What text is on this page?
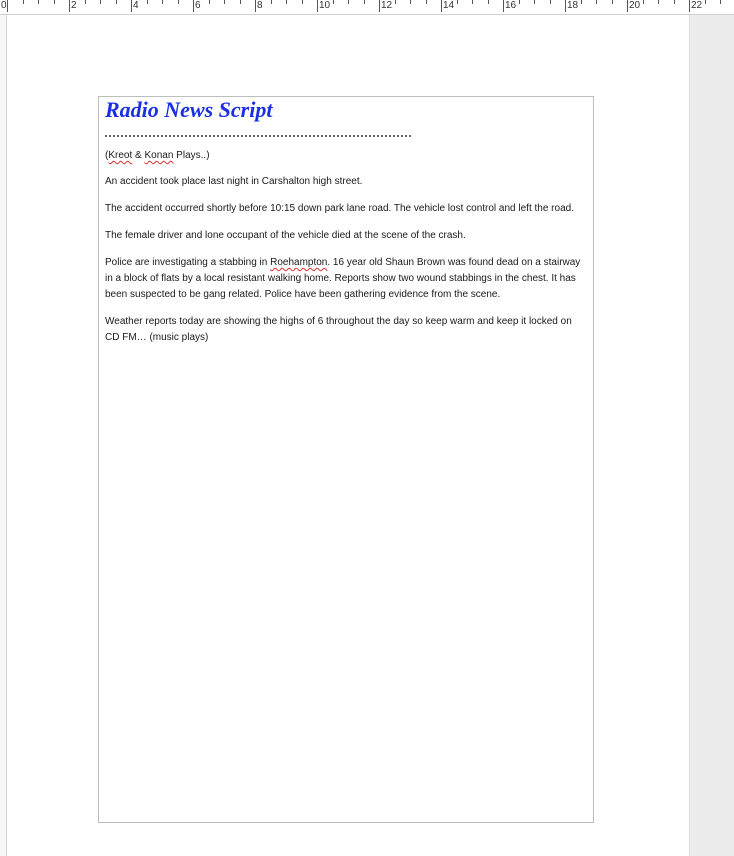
0	2	4	6	8	10	12	14	16	18	20	22
Radio News Script

(Kreot & Konan Plays..)

An accident took place last night in Carshalton high street.

The accident occurred shortly before 10:15 down park lane road. The vehicle lost control and left the road.

The female driver and lone occupant of the vehicle died at the scene of the crash.

Police are investigating a stabbing in Roehampton. 16 year old Shaun Brown was found dead on a stairway in a block of flats by a local resistant walking home. Reports show two wound stabbings in the chest. It has been suspected to be gang related. Police have been gathering evidence from the scene.

Weather reports today are showing the highs of 6 throughout the day so keep warm and keep it locked on CD FM… (music plays)
